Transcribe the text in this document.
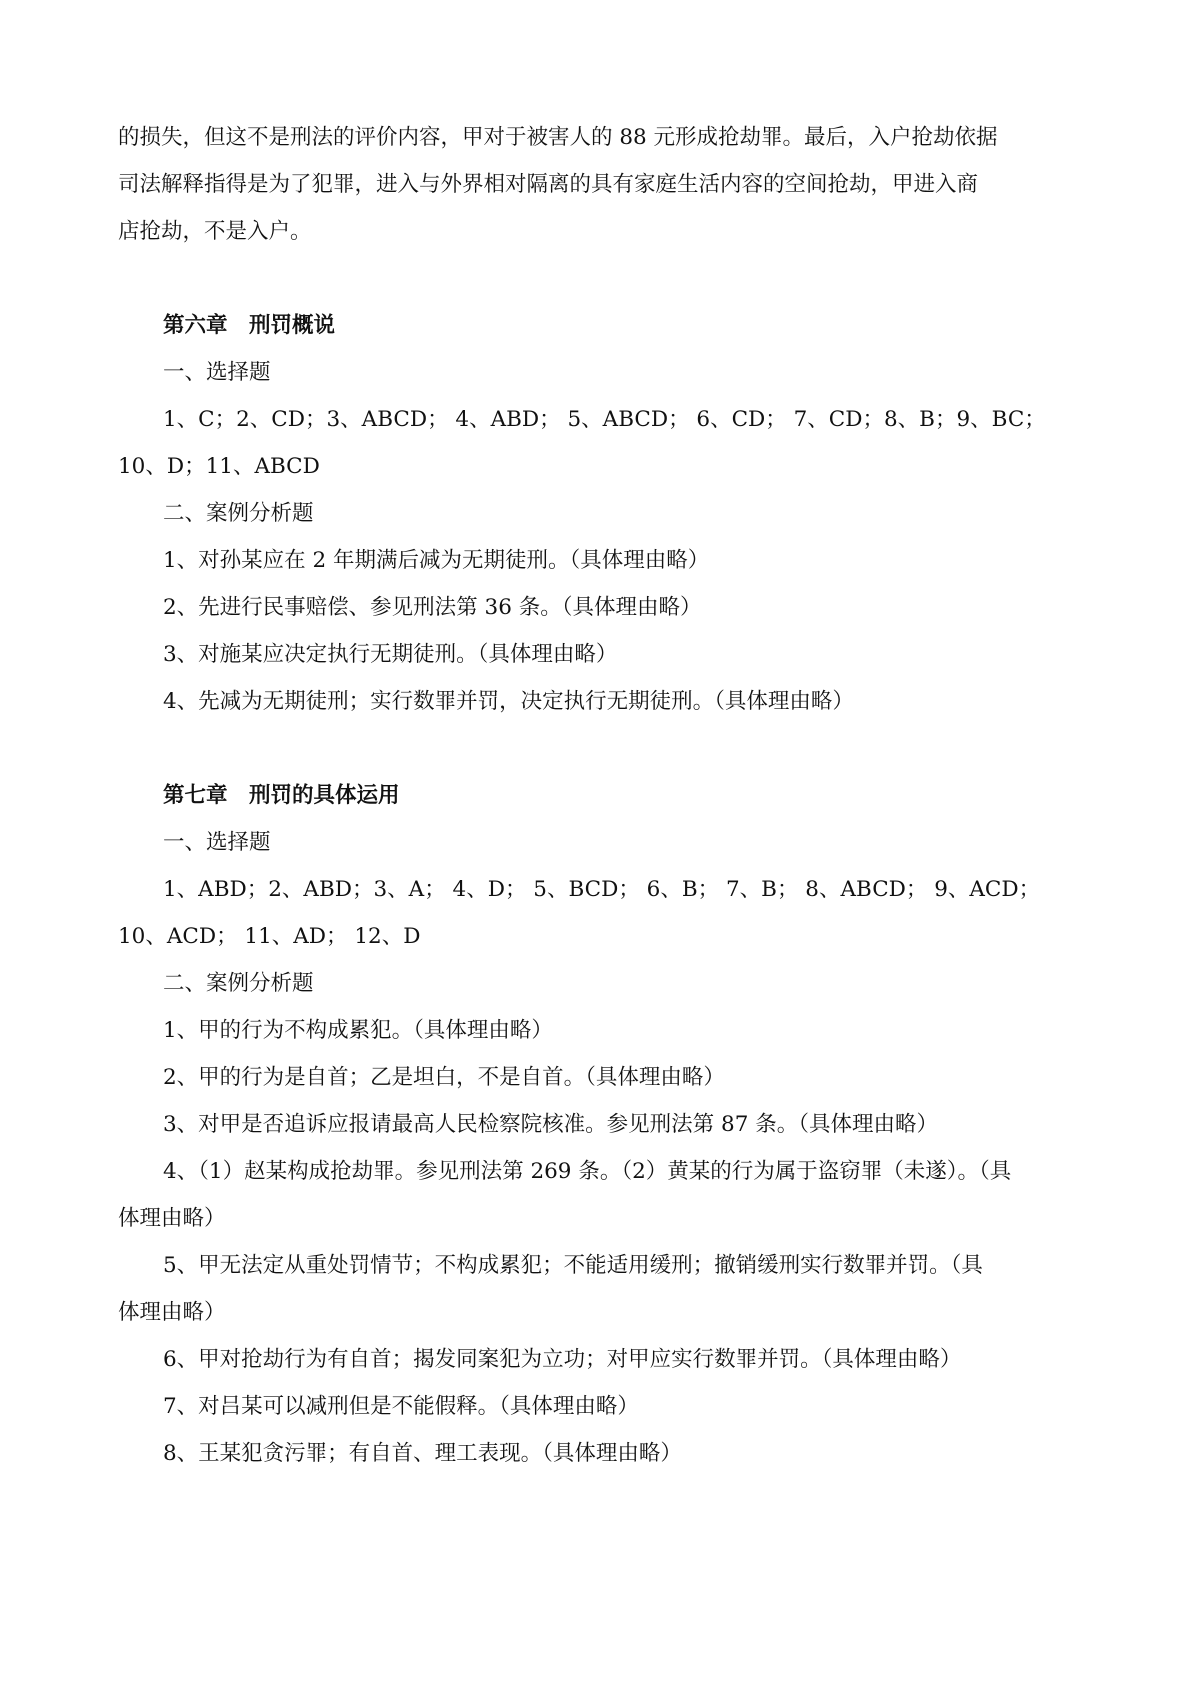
的损失，但这不是刑法的评价内容，甲对于被害人的 88 元形成抢劫罪。最后，入户抢劫依据

司法解释指得是为了犯罪，进入与外界相对隔离的具有家庭生活内容的空间抢劫，甲进入商

店抢劫，不是入户。

第六章　刑罚概说

一、选择题

1、C；2、CD；3、ABCD； 4、ABD； 5、ABCD； 6、CD； 7、CD；8、B；9、BC；

10、D；11、ABCD

二、案例分析题

1、对孙某应在 2 年期满后减为无期徒刑。（具体理由略）

2、先进行民事赔偿、参见刑法第 36 条。（具体理由略）

3、对施某应决定执行无期徒刑。（具体理由略）

4、先减为无期徒刑；实行数罪并罚，决定执行无期徒刑。（具体理由略）

第七章　刑罚的具体运用

一、选择题

1、ABD；2、ABD；3、A； 4、D； 5、BCD； 6、B； 7、B； 8、ABCD； 9、ACD；

10、ACD； 11、AD； 12、D

二、案例分析题

1、甲的行为不构成累犯。（具体理由略）

2、甲的行为是自首；乙是坦白，不是自首。（具体理由略）

3、对甲是否追诉应报请最高人民检察院核准。参见刑法第 87 条。（具体理由略）

4、（1）赵某构成抢劫罪。参见刑法第 269 条。（2）黄某的行为属于盗窃罪（未遂）。（具

体理由略）

5、甲无法定从重处罚情节；不构成累犯；不能适用缓刑；撤销缓刑实行数罪并罚。（具

体理由略）

6、甲对抢劫行为有自首；揭发同案犯为立功；对甲应实行数罪并罚。（具体理由略）

7、对吕某可以减刑但是不能假释。（具体理由略）

8、王某犯贪污罪；有自首、理工表现。（具体理由略）
